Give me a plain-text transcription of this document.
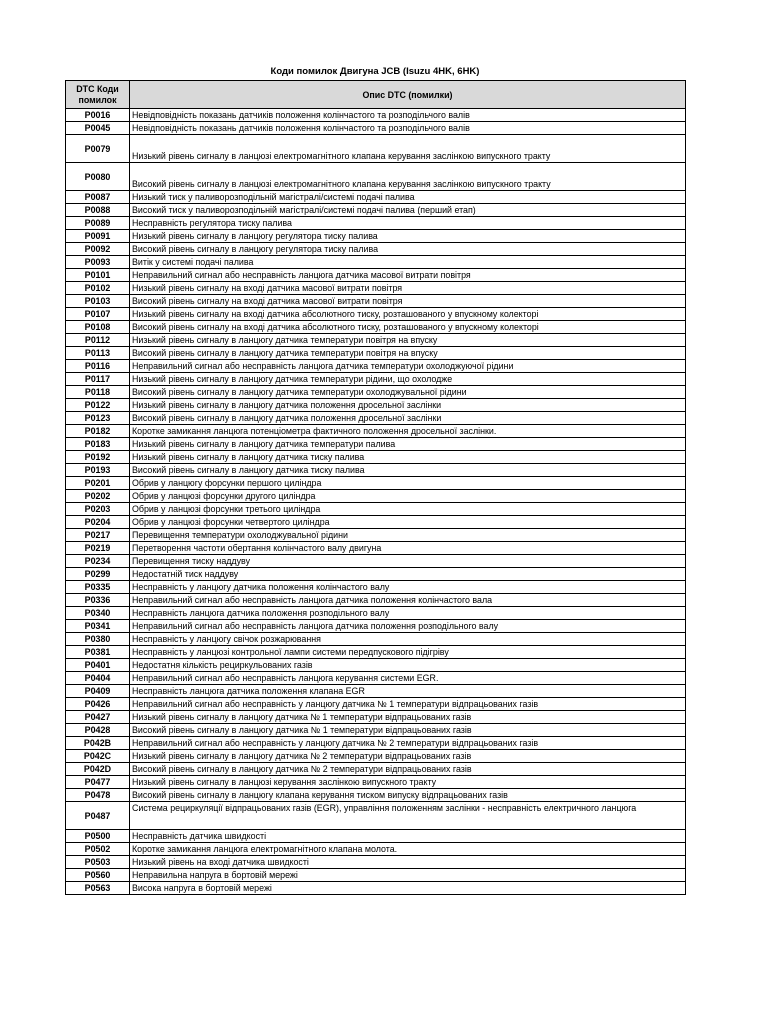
Коди помилок Двигуна JCB (Isuzu 4HK, 6HK)
DTC Коди помилок	Опис DTC (помилки)
P0016	Невідповідність показань датчиків положення колінчастого та розподільчого валів
P0045	Невідповідність показань датчиків положення колінчастого та розподільчого валів
P0079	Низький рівень сигналу в ланцюзі електромагнітного клапана керування заслінкою випускного тракту
P0080	Високий рівень сигналу в ланцюзі електромагнітного клапана керування заслінкою випускного тракту
P0087	Низький тиск у паливорозподільній магістралі/системі подачі палива
P0088	Високий тиск у паливорозподільній магістралі/системі подачі палива (перший етап)
P0089	Несправність регулятора тиску палива
P0091	Низький рівень сигналу в ланцюгу регулятора тиску палива
P0092	Високий рівень сигналу в ланцюгу регулятора тиску палива
P0093	Витік у системі подачі палива
P0101	Неправильний сигнал або несправність ланцюга датчика масової витрати повітря
P0102	Низький рівень сигналу на вході датчика масової витрати повітря
P0103	Високий рівень сигналу на вході датчика масової витрати повітря
P0107	Низький рівень сигналу на вході датчика абсолютного тиску, розташованого у впускному колекторі
P0108	Високий рівень сигналу на вході датчика абсолютного тиску, розташованого у впускному колекторі
P0112	Низький рівень сигналу в ланцюгу датчика температури повітря на впуску
P0113	Високий рівень сигналу в ланцюгу датчика температури повітря на впуску
P0116	Неправильний сигнал або несправність ланцюга датчика температури охолоджуючої рідини
P0117	Низький рівень сигналу в ланцюгу датчика температури рідини, що охолодже
P0118	Високий рівень сигналу в ланцюгу датчика температури охолоджувальної рідини
P0122	Низький рівень сигналу в ланцюгу датчика положення дросельної заслінки
P0123	Високий рівень сигналу в ланцюгу датчика положення дросельної заслінки
P0182	Коротке замикання ланцюга потенціометра фактичного положення дросельної заслінки.
P0183	Низький рівень сигналу в ланцюгу датчика температури палива
P0192	Низький рівень сигналу в ланцюгу датчика тиску палива
P0193	Високий рівень сигналу в ланцюгу датчика тиску палива
P0201	Обрив у ланцюгу форсунки першого циліндра
P0202	Обрив у ланцюзі форсунки другого циліндра
P0203	Обрив у ланцюзі форсунки третього циліндра
P0204	Обрив у ланцюзі форсунки четвертого циліндра
P0217	Перевищення температури охолоджувальної рідини
P0219	Перетворення частоти обертання колінчастого валу двигуна
P0234	Перевищення тиску наддуву
P0299	Недостатній тиск наддуву
P0335	Несправність у ланцюгу датчика положення колінчастого валу
P0336	Неправильний сигнал або несправність ланцюга датчика положення колінчастого вала
P0340	Несправність ланцюга датчика положення розподільного валу
P0341	Неправильний сигнал або несправність ланцюга датчика положення розподільного валу
P0380	Несправність у ланцюгу свічок розжарювання
P0381	Несправність у ланцюзі контрольної лампи системи передпускового підігріву
P0401	Недостатня кількість рециркульованих газів
P0404	Неправильний сигнал або несправність ланцюга керування системи EGR.
P0409	Несправність ланцюга датчика положення клапана EGR
P0426	Неправильний сигнал або несправність у ланцюгу датчика № 1 температури відпрацьованих газів
P0427	Низький рівень сигналу в ланцюгу датчика № 1 температури відпрацьованих газів
P0428	Високий рівень сигналу в ланцюгу датчика № 1 температури відпрацьованих газів
P042B	Неправильний сигнал або несправність у ланцюгу датчика № 2 температури відпрацьованих газів
P042C	Низький рівень сигналу в ланцюгу датчика № 2 температури відпрацьованих газів
P042D	Високий рівень сигналу в ланцюгу датчика № 2 температури відпрацьованих газів
P0477	Низький рівень сигналу в ланцюзі керування заслінкою випускного тракту
P0478	Високий рівень сигналу в ланцюгу клапана керування тиском випуску відпрацьованих газів
P0487	Система рециркуляції відпрацьованих газів (EGR), управління положенням заслінки - несправність електричного ланцюга
P0500	Несправність датчика швидкості
P0502	Коротке замикання ланцюга електромагнітного клапана молота.
P0503	Низький рівень на вході датчика швидкості
P0560	Неправильна напруга в бортовій мережі
P0563	Висока напруга в бортовій мережі
